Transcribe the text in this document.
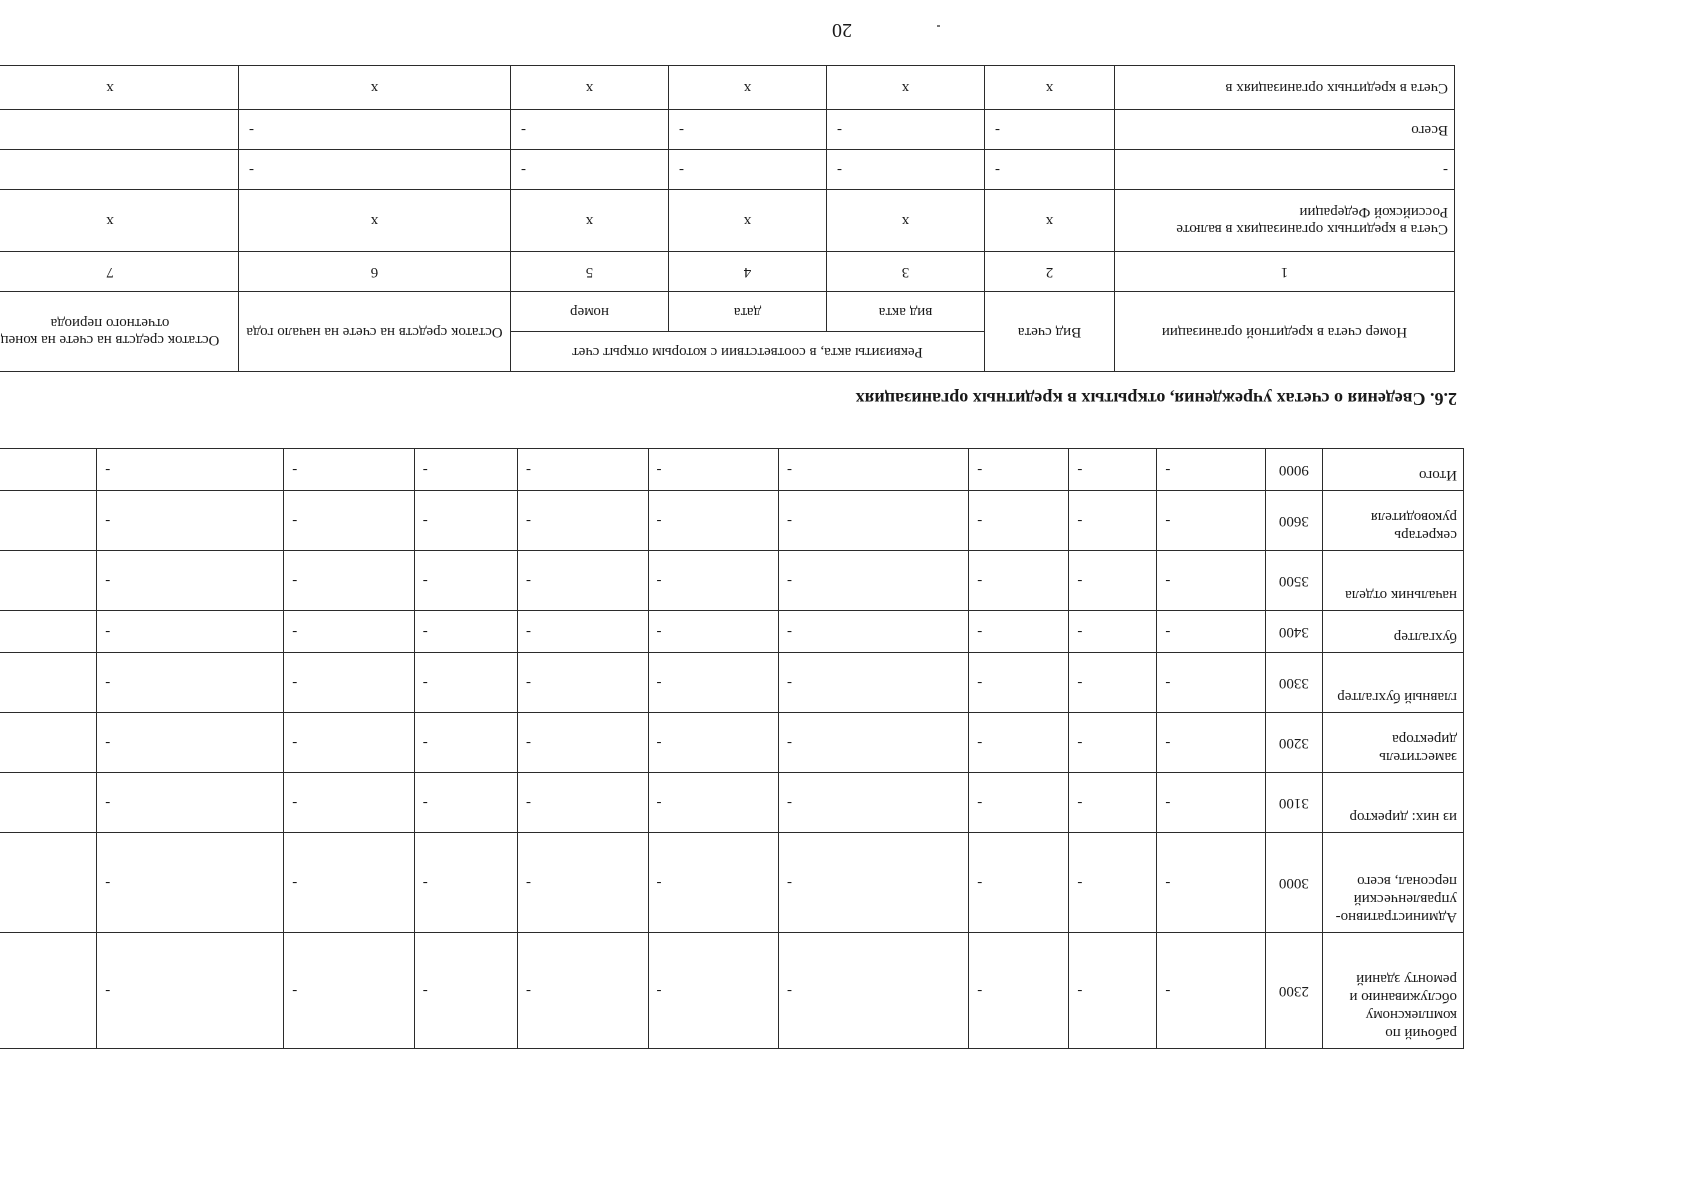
рабочий по комплексному обслуживанию и ремонту зданий	2300	-	-	-	-	-	-	-	-	-	
Административно-управленческий персонал, всего	3000	-	-	-	-	-	-	-	-	-	
из них: директор	3100	-	-	-	-	-	-	-	-	-	
заместитель директора	3200	-	-	-	-	-	-	-	-	-	
главный бухгалтер	3300	-	-	-	-	-	-	-	-	-	
бухгалтер	3400	-	-	-	-	-	-	-	-	-	
начальник отдела	3500	-	-	-	-	-	-	-	-	-	
секретарь руководителя	3600	-	-	-	-	-	-	-	-	-	
Итого	9000	-	-	-	-	-	-	-	-	-	
2.6. Сведения о счетах учреждения, открытых в кредитных организациях
Номер счета в кредитной организации	Вид счета	Реквизиты акта, в соответствии с которым открыт счет			Остаток средств на счете на начало года	Остаток средств на счете на конец отчетного периода
		вид акта	дата	номер		
1	2	3	4	5	6	7
Счета в кредитных организациях в валюте Российской Федерации	x	x	x	x	x	x
-	-	-	-	-	-	
Всего	-	-	-	-	-	
Счета в кредитных организациях в	x	x	x	x	x	x
20
